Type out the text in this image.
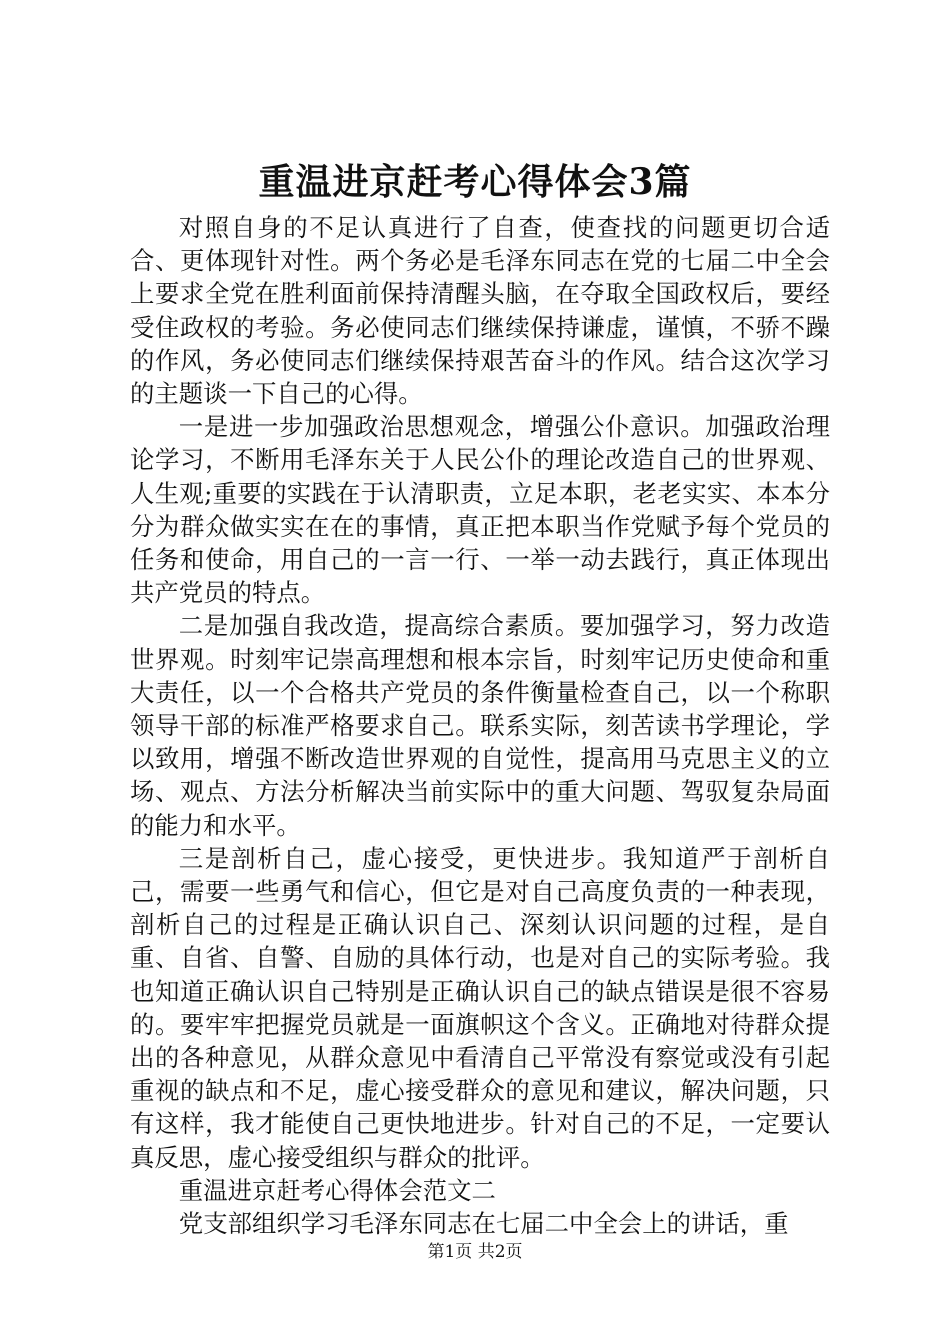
重温进京赶考心得体会3篇

对照自身的不足认真进行了自查，使查找的问题更切合适合、更体现针对性。两个务必是毛泽东同志在党的七届二中全会上要求全党在胜利面前保持清醒头脑，在夺取全国政权后，要经受住政权的考验。务必使同志们继续保持谦虚，谨慎，不骄不躁的作风，务必使同志们继续保持艰苦奋斗的作风。结合这次学习的主题谈一下自己的心得。

一是进一步加强政治思想观念，增强公仆意识。加强政治理论学习，不断用毛泽东关于人民公仆的理论改造自己的世界观、人生观;重要的实践在于认清职责，立足本职，老老实实、本本分分为群众做实实在在的事情，真正把本职当作党赋予每个党员的任务和使命，用自己的一言一行、一举一动去践行，真正体现出共产党员的特点。

二是加强自我改造，提高综合素质。要加强学习，努力改造世界观。时刻牢记崇高理想和根本宗旨，时刻牢记历史使命和重大责任，以一个合格共产党员的条件衡量检查自己，以一个称职领导干部的标准严格要求自己。联系实际，刻苦读书学理论，学以致用，增强不断改造世界观的自觉性，提高用马克思主义的立场、观点、方法分析解决当前实际中的重大问题、驾驭复杂局面的能力和水平。

三是剖析自己，虚心接受，更快进步。我知道严于剖析自己，需要一些勇气和信心，但它是对自己高度负责的一种表现，剖析自己的过程是正确认识自己、深刻认识问题的过程，是自重、自省、自警、自励的具体行动，也是对自己的实际考验。我也知道正确认识自己特别是正确认识自己的缺点错误是很不容易的。要牢牢把握党员就是一面旗帜这个含义。正确地对待群众提出的各种意见，从群众意见中看清自己平常没有察觉或没有引起重视的缺点和不足，虚心接受群众的意见和建议，解决问题，只有这样，我才能使自己更快地进步。针对自己的不足，一定要认真反思，虚心接受组织与群众的批评。

重温进京赶考心得体会范文二

党支部组织学习毛泽东同志在七届二中全会上的讲话，重

第1页 共2页
